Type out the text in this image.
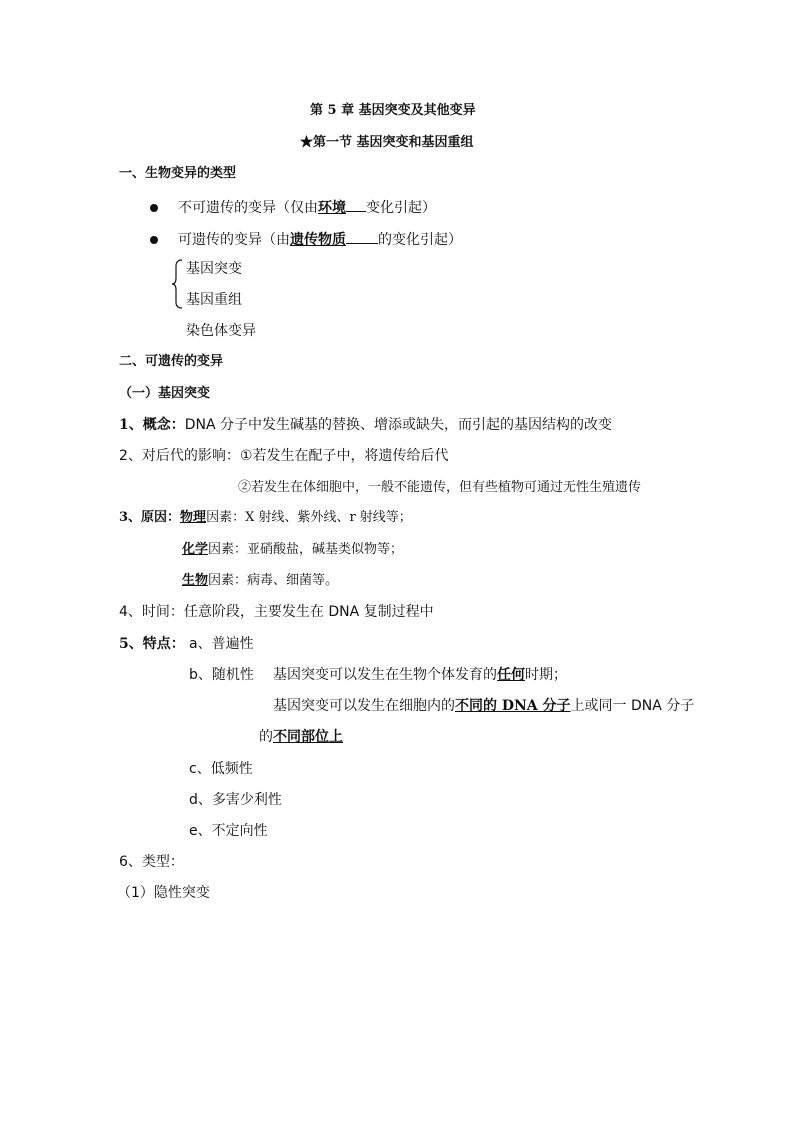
第 5 章 基因突变及其他变异
★第一节 基因突变和基因重组
一、生物变异的类型
不可遗传的变异（仅由环境 变化引起）
可遗传的变异（由遗传物质 的变化引起）
基因突变
基因重组
染色体变异
二、可遗传的变异
（一）基因突变
1、概念：DNA 分子中发生碱基的替换、增添或缺失，而引起的基因结构的改变
2、对后代的影响：①若发生在配子中，将遗传给后代
②若发生在体细胞中，一般不能遗传，但有些植物可通过无性生殖遗传
3、原因：物理因素：X 射线、紫外线、r 射线等；
化学因素：亚硝酸盐，碱基类似物等；
生物因素：病毒、细菌等。
4、时间：任意阶段，主要发生在 DNA 复制过程中
5、特点： a、普遍性
b、随机性 基因突变可以发生在生物个体发育的任何时期；
基因突变可以发生在细胞内的不同的 DNA 分子上或同一 DNA 分子
的不同部位上
c、低频性
d、多害少利性
e、不定向性
6、类型：
（1）隐性突变
